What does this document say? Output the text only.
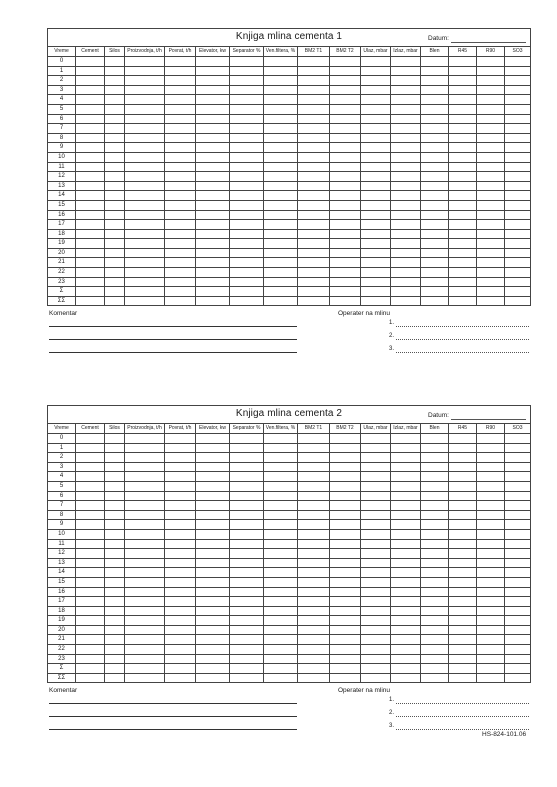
Knjiga mlina cementa 1 Datum:															

Vreme	Cement	Silos	Proizvodnja, t/h	Povrat, t/h	Elevator, kw	Separator %	Ven.filtera, %	BM2 T1	BM2 T2	Ulaz, mbar	Izlaz, mbar	Blen	R45	R90	SO3
0															
1															
2															
3															
4															
5															
6															
7															
8															
9															
10															
11															
12															
13															
14															
15															
16															
17															
18															
19															
20															
21															
22															
23															
Σ															
ΣΣ															
Komentar	Operater na mlinu
1.
2.
3.
Knjiga mlina cementa 2 Datum:															

Vreme	Cement	Silos	Proizvodnja, t/h	Povrat, t/h	Elevator, kw	Separator %	Ven.filtera, %	BM2 T1	BM2 T2	Ulaz, mbar	Izlaz, mbar	Blen	R45	R90	SO3
0															
1															
2															
3															
4															
5															
6															
7															
8															
9															
10															
11															
12															
13															
14															
15															
16															
17															
18															
19															
20															
21															
22															
23															
Σ															
ΣΣ															
Komentar	Operater na mlinu
1.
2.
3.
HS-824-101.06
